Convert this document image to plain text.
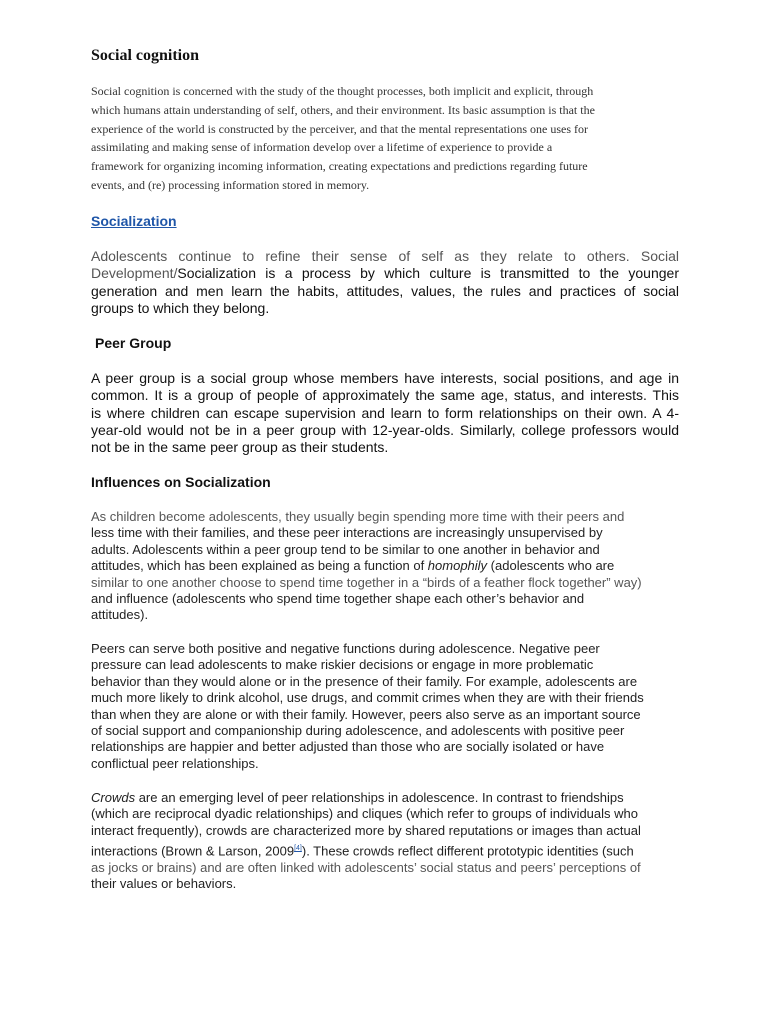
Social cognition
Social cognition is concerned with the study of the thought processes, both implicit and explicit, through
which humans attain understanding of self, others, and their environment. Its basic assumption is that the
experience of the world is constructed by the perceiver, and that the mental representations one uses for
assimilating and making sense of information develop over a lifetime of experience to provide a
framework for organizing incoming information, creating expectations and predictions regarding future
events, and (re) processing information stored in memory.
Socialization
Adolescents continue to refine their sense of self as they relate to others. Social
Development/Socialization is a process by which culture is transmitted to the younger
generation and men learn the habits, attitudes, values, the rules and practices of social
groups to which they belong.
Peer Group
A peer group is a social group whose members have interests, social positions, and age in
common. It is a group of people of approximately the same age, status, and interests. This
is where children can escape supervision and learn to form relationships on their own. A 4-
year-old would not be in a peer group with 12-year-olds. Similarly, college professors would
not be in the same peer group as their students.
Influences on Socialization
As children become adolescents, they usually begin spending more time with their peers and
less time with their families, and these peer interactions are increasingly unsupervised by
adults. Adolescents within a peer group tend to be similar to one another in behavior and
attitudes, which has been explained as being a function of homophily (adolescents who are
similar to one another choose to spend time together in a “birds of a feather flock together” way)
and influence (adolescents who spend time together shape each other’s behavior and
attitudes).
Peers can serve both positive and negative functions during adolescence. Negative peer
pressure can lead adolescents to make riskier decisions or engage in more problematic
behavior than they would alone or in the presence of their family. For example, adolescents are
much more likely to drink alcohol, use drugs, and commit crimes when they are with their friends
than when they are alone or with their family. However, peers also serve as an important source
of social support and companionship during adolescence, and adolescents with positive peer
relationships are happier and better adjusted than those who are socially isolated or have
conflictual peer relationships.
Crowds are an emerging level of peer relationships in adolescence. In contrast to friendships
(which are reciprocal dyadic relationships) and cliques (which refer to groups of individuals who
interact frequently), crowds are characterized more by shared reputations or images than actual
interactions (Brown & Larson, 2009[4]). These crowds reflect different prototypic identities (such
as jocks or brains) and are often linked with adolescents’ social status and peers’ perceptions of
their values or behaviors.
